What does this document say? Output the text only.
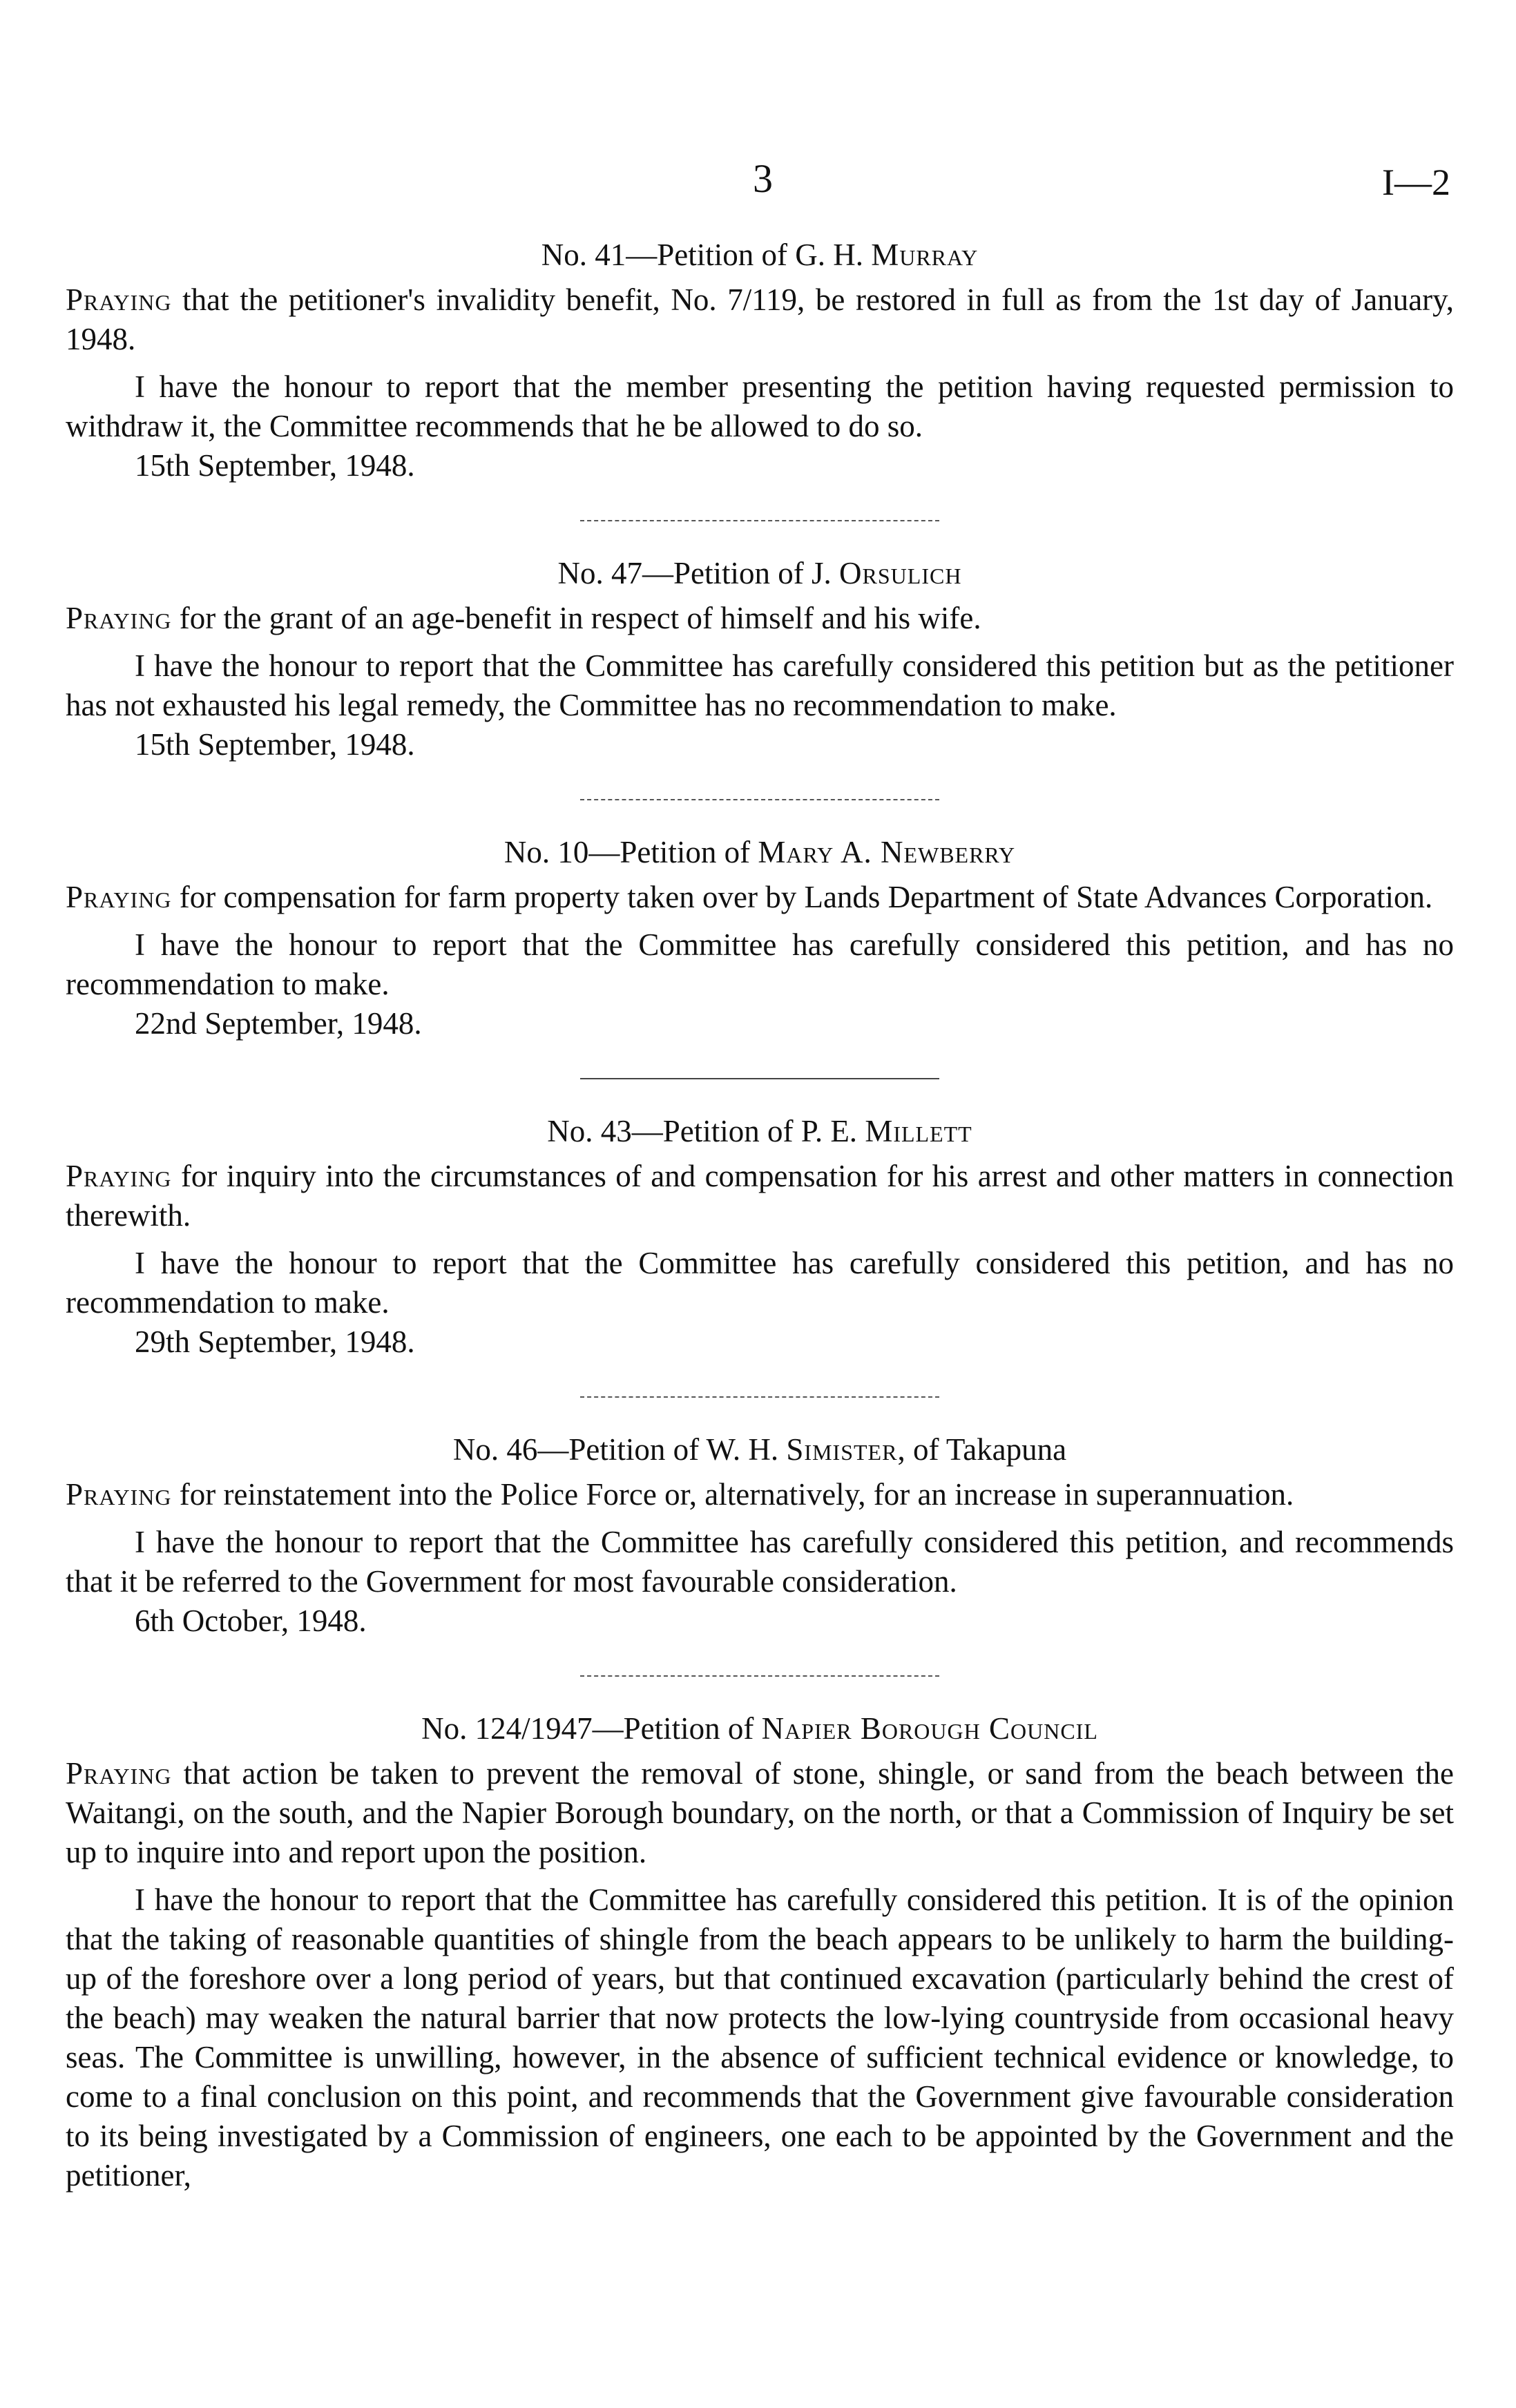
3	I—2

No. 41—Petition of G. H. Murray

Praying that the petitioner's invalidity benefit, No. 7/119, be restored in full as from the 1st day of January, 1948.

I have the honour to report that the member presenting the petition having requested permission to withdraw it, the Committee recommends that he be allowed to do so.

15th September, 1948.

No. 47—Petition of J. Orsulich

Praying for the grant of an age-benefit in respect of himself and his wife.

I have the honour to report that the Committee has carefully considered this petition but as the petitioner has not exhausted his legal remedy, the Committee has no recommendation to make.

15th September, 1948.

No. 10—Petition of Mary A. Newberry

Praying for compensation for farm property taken over by Lands Department of State Advances Corporation.

I have the honour to report that the Committee has carefully considered this petition, and has no recommendation to make.

22nd September, 1948.

No. 43—Petition of P. E. Millett

Praying for inquiry into the circumstances of and compensation for his arrest and other matters in connection therewith.

I have the honour to report that the Committee has carefully considered this petition, and has no recommendation to make.

29th September, 1948.

No. 46—Petition of W. H. Simister, of Takapuna

Praying for reinstatement into the Police Force or, alternatively, for an increase in superannuation.

I have the honour to report that the Committee has carefully considered this petition, and recommends that it be referred to the Government for most favourable consideration.

6th October, 1948.

No. 124/1947—Petition of Napier Borough Council

Praying that action be taken to prevent the removal of stone, shingle, or sand from the beach between the Waitangi, on the south, and the Napier Borough boundary, on the north, or that a Commission of Inquiry be set up to inquire into and report upon the position.

I have the honour to report that the Committee has carefully considered this petition. It is of the opinion that the taking of reasonable quantities of shingle from the beach appears to be unlikely to harm the building-up of the foreshore over a long period of years, but that continued excavation (particularly behind the crest of the beach) may weaken the natural barrier that now protects the low-lying countryside from occasional heavy seas. The Committee is unwilling, however, in the absence of sufficient technical evidence or knowledge, to come to a final conclusion on this point, and recommends that the Government give favourable consideration to its being investigated by a Commission of engineers, one each to be appointed by the Government and the petitioner,
